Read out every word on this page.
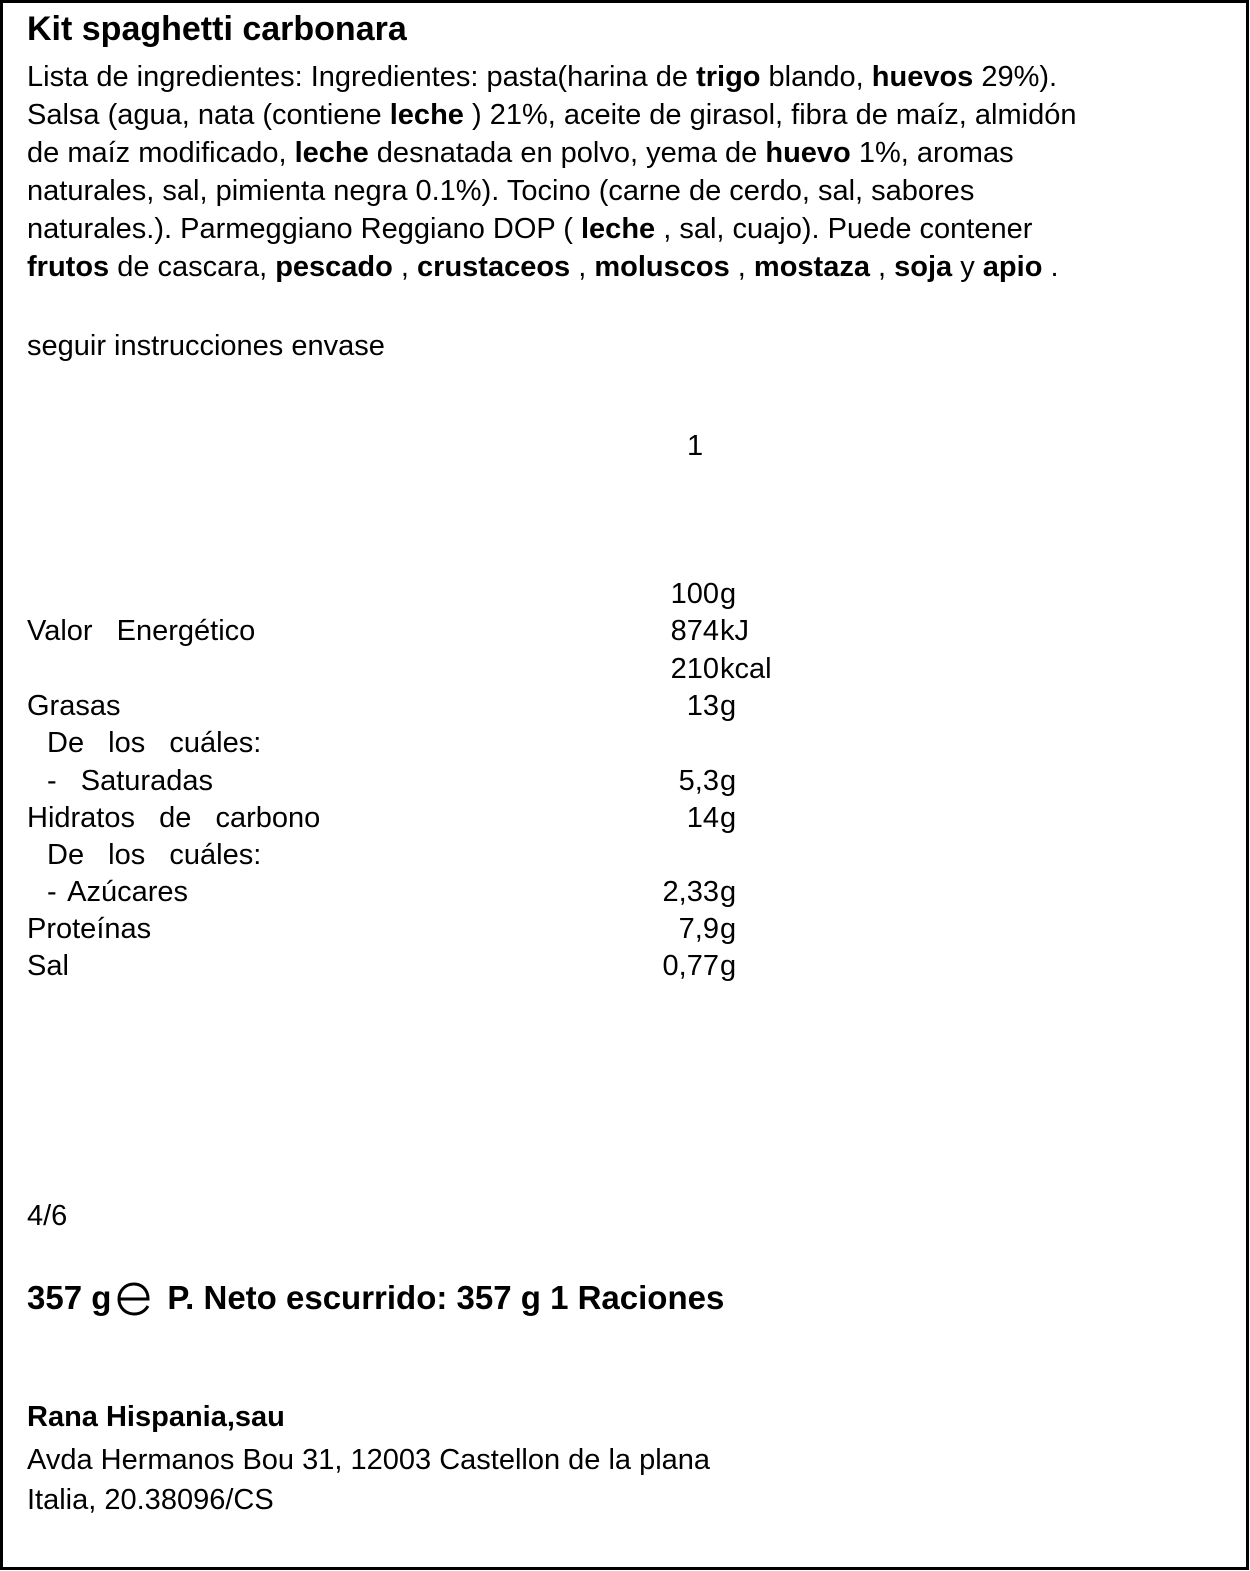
Kit spaghetti carbonara
Lista de ingredientes: Ingredientes: pasta(harina de trigo blando, huevos 29%).
Salsa (agua, nata (contiene leche ) 21%, aceite de girasol, fibra de maíz, almidón
de maíz modificado, leche desnatada en polvo, yema de huevo 1%, aromas
naturales, sal, pimienta negra 0.1%). Tocino (carne de cerdo, sal, sabores
naturales.). Parmeggiano Reggiano DOP ( leche , sal, cuajo). Puede contener
frutos de cascara, pescado , crustaceos , moluscos , mostaza , soja y apio .
seguir instrucciones envase
1
100 g
Valor  Energético	874 kJ
210 kcal
Grasas	13 g
De  los  cuáles:
-  Saturadas	5,3 g
Hidratos  de  carbono	14 g
De  los  cuáles:
- Azúcares	2,33 g
Proteínas	7,9 g
Sal	0,77 g
4/6
357 g P. Neto escurrido: 357 g 1 Raciones
Rana Hispania,sau
Avda Hermanos Bou 31, 12003 Castellon de la plana
Italia, 20.38096/CS
